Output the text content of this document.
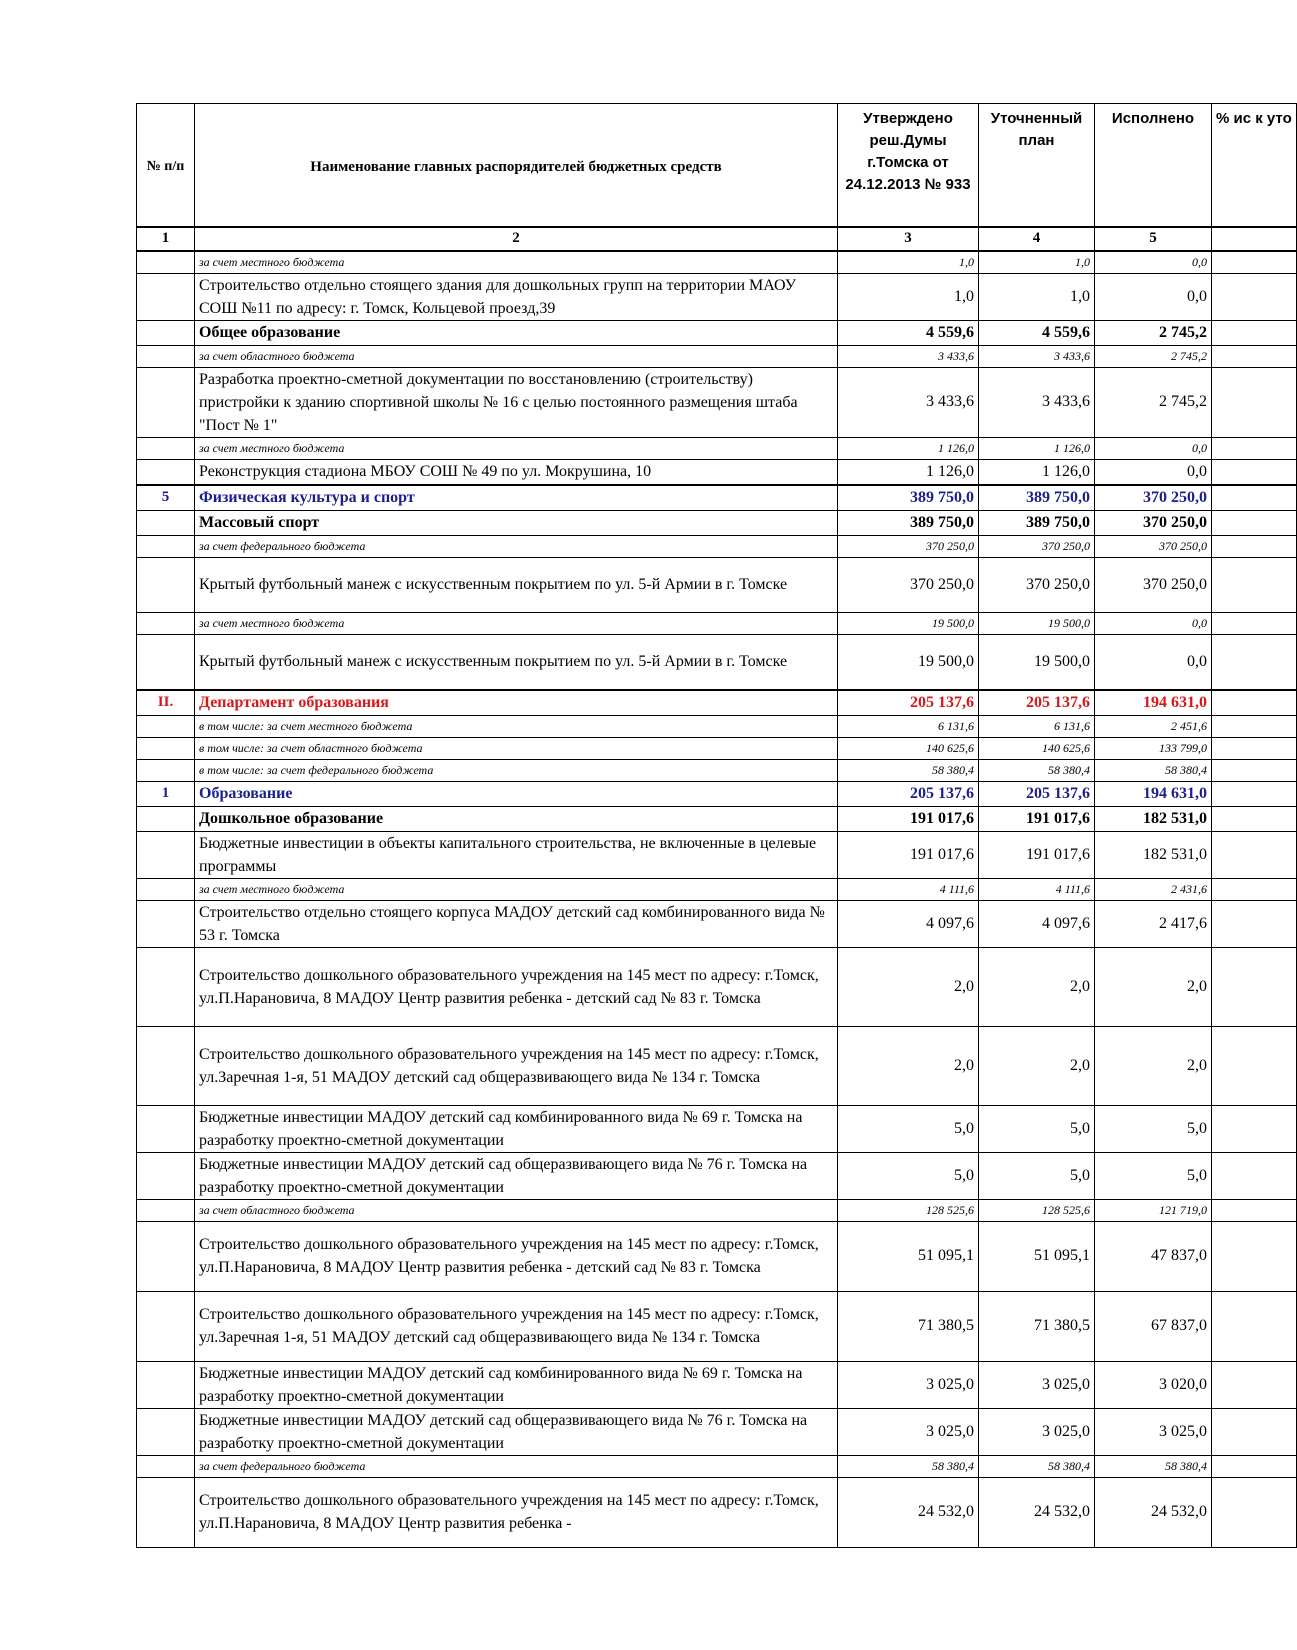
№ п/п	Наименование главных распорядителей бюджетных средств	Утверждено реш.Думы г.Томска от 24.12.2013 № 933	Уточненный план	Исполнено	% ис к уто
1	2	3	4	5	
	за счет местного бюджета	1,0	1,0	0,0	
	Строительство отдельно стоящего здания для дошкольных групп на территории МАОУ СОШ №11 по адресу: г. Томск, Кольцевой проезд,39	1,0	1,0	0,0	
	Общее образование	4 559,6	4 559,6	2 745,2	
	за счет областного бюджета	3 433,6	3 433,6	2 745,2	
	Разработка проектно-сметной документации по восстановлению (строительству) пристройки к зданию спортивной школы № 16 с целью постоянного размещения штаба "Пост № 1"	3 433,6	3 433,6	2 745,2	
	за счет местного бюджета	1 126,0	1 126,0	0,0	
	Реконструкция стадиона МБОУ СОШ № 49 по ул. Мокрушина, 10	1 126,0	1 126,0	0,0	
5	Физическая культура и спорт	389 750,0	389 750,0	370 250,0	
	Массовый спорт	389 750,0	389 750,0	370 250,0	
	за счет федерального бюджета	370 250,0	370 250,0	370 250,0	
	Крытый футбольный манеж с искусственным покрытием по ул. 5-й Армии в г. Томске	370 250,0	370 250,0	370 250,0	
	за счет местного бюджета	19 500,0	19 500,0	0,0	
	Крытый футбольный манеж с искусственным покрытием по ул. 5-й Армии в г. Томске	19 500,0	19 500,0	0,0	
II.	Департамент образования	205 137,6	205 137,6	194 631,0	
	в том числе: за счет местного бюджета	6 131,6	6 131,6	2 451,6	
	в том числе: за счет областного бюджета	140 625,6	140 625,6	133 799,0	
	в том числе: за счет федерального бюджета	58 380,4	58 380,4	58 380,4	
1	Образование	205 137,6	205 137,6	194 631,0	
	Дошкольное образование	191 017,6	191 017,6	182 531,0	
	Бюджетные инвестиции в объекты капитального строительства, не включенные в целевые программы	191 017,6	191 017,6	182 531,0	
	за счет местного бюджета	4 111,6	4 111,6	2 431,6	
	Строительство отдельно стоящего корпуса МАДОУ детский сад комбинированного вида № 53 г. Томска	4 097,6	4 097,6	2 417,6	
	Строительство дошкольного образовательного учреждения на 145 мест по адресу: г.Томск, ул.П.Нарановича, 8 МАДОУ Центр развития ребенка - детский сад № 83 г. Томска	2,0	2,0	2,0	
	Строительство дошкольного образовательного учреждения на 145 мест по адресу: г.Томск, ул.Заречная 1-я, 51 МАДОУ детский сад общеразвивающего вида № 134 г. Томска	2,0	2,0	2,0	
	Бюджетные инвестиции МАДОУ детский сад комбинированного вида № 69 г. Томска на разработку проектно-сметной документации	5,0	5,0	5,0	
	Бюджетные инвестиции МАДОУ детский сад общеразвивающего вида № 76 г. Томска на разработку проектно-сметной документации	5,0	5,0	5,0	
	за счет областного бюджета	128 525,6	128 525,6	121 719,0	
	Строительство дошкольного образовательного учреждения на 145 мест по адресу: г.Томск, ул.П.Нарановича, 8 МАДОУ Центр развития ребенка - детский сад № 83 г. Томска	51 095,1	51 095,1	47 837,0	
	Строительство дошкольного образовательного учреждения на 145 мест по адресу: г.Томск, ул.Заречная 1-я, 51 МАДОУ детский сад общеразвивающего вида № 134 г. Томска	71 380,5	71 380,5	67 837,0	
	Бюджетные инвестиции МАДОУ детский сад комбинированного вида № 69 г. Томска на разработку проектно-сметной документации	3 025,0	3 025,0	3 020,0	
	Бюджетные инвестиции МАДОУ детский сад общеразвивающего вида № 76 г. Томска на разработку проектно-сметной документации	3 025,0	3 025,0	3 025,0	
	за счет федерального бюджета	58 380,4	58 380,4	58 380,4	
	Строительство дошкольного образовательного учреждения на 145 мест по адресу: г.Томск, ул.П.Нарановича, 8 МАДОУ Центр развития ребенка -	24 532,0	24 532,0	24 532,0	
